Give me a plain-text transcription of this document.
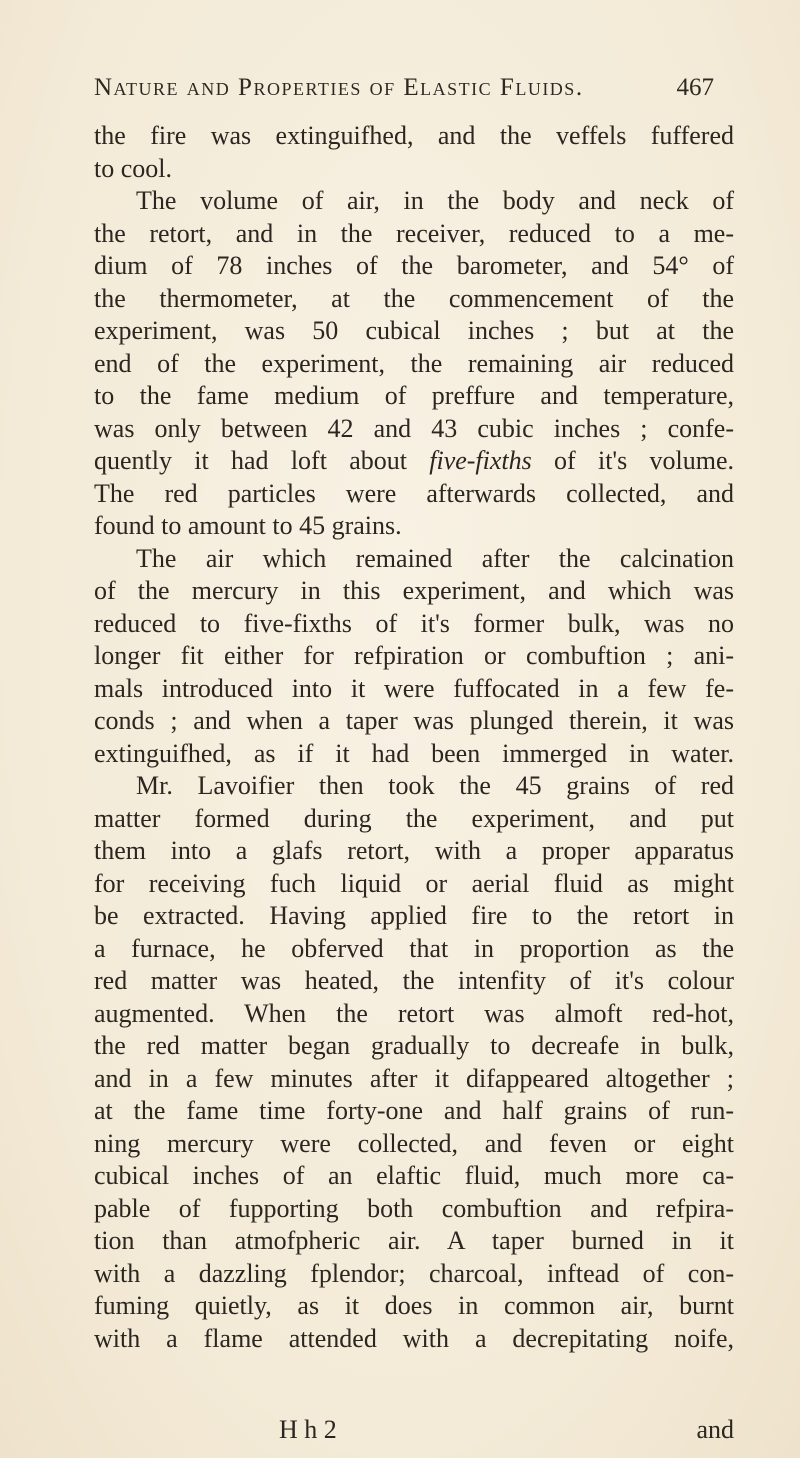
Nature and Properties of Elastic Fluids.	467
the fire was extinguifhed, and the veffels fuffered
to cool.
The volume of air, in the body and neck of
the retort, and in the receiver, reduced to a me-
dium of 78 inches of the barometer, and 54° of
the thermometer, at the commencement of the
experiment, was 50 cubical inches ; but at the
end of the experiment, the remaining air reduced
to the fame medium of preffure and temperature,
was only between 42 and 43 cubic inches ; confe-
quently it had loft about five-fixths of it's volume.
The red particles were afterwards collected, and
found to amount to 45 grains.
The air which remained after the calcination
of the mercury in this experiment, and which was
reduced to five-fixths of it's former bulk, was no
longer fit either for refpiration or combuftion ; ani-
mals introduced into it were fuffocated in a few fe-
conds ; and when a taper was plunged therein, it was
extinguifhed, as if it had been immerged in water.
Mr. Lavoifier then took the 45 grains of red
matter formed during the experiment, and put
them into a glafs retort, with a proper apparatus
for receiving fuch liquid or aerial fluid as might
be extracted. Having applied fire to the retort in
a furnace, he obferved that in proportion as the
red matter was heated, the intenfity of it's colour
augmented. When the retort was almoft red-hot,
the red matter began gradually to decreafe in bulk,
and in a few minutes after it difappeared altogether ;
at the fame time forty-one and half grains of run-
ning mercury were collected, and feven or eight
cubical inches of an elaftic fluid, much more ca-
pable of fupporting both combuftion and refpira-
tion than atmofpheric air. A taper burned in it
with a dazzling fplendor; charcoal, inftead of con-
fuming quietly, as it does in common air, burnt
with a flame attended with a decrepitating noife,
H h 2	and
